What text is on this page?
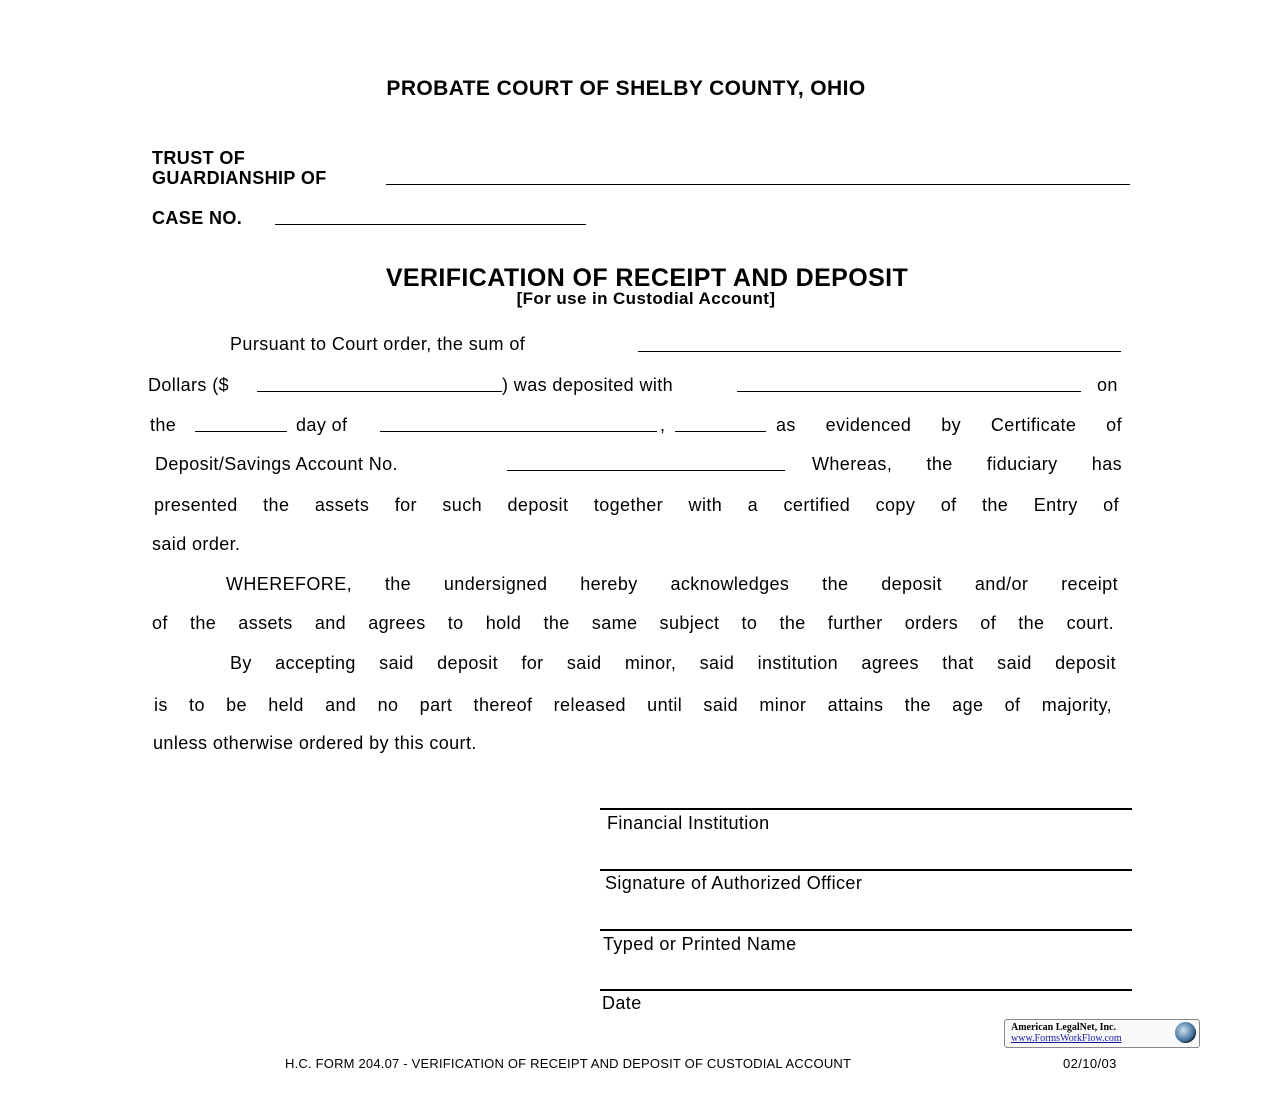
PROBATE COURT OF SHELBY COUNTY, OHIO
TRUST OF
GUARDIANSHIP OF
CASE NO.
VERIFICATION OF RECEIPT AND DEPOSIT
[For use in Custodial Account]
Pursuant to Court order, the sum of
Dollars ($	) was deposited with	on
the	day of	,	as evidenced by Certificate of
Deposit/Savings Account No.	Whereas, the fiduciary has
presented the assets for such deposit together with a certified copy of the Entry of
said order.
WHEREFORE, the undersigned hereby acknowledges the deposit and/or receipt
of the assets and agrees to hold the same subject to the further orders of the court.
By accepting said deposit for said minor, said institution agrees that said deposit
is to be held and no part thereof released until said minor attains the age of majority,
unless otherwise ordered by this court.
Financial Institution
Signature of Authorized Officer
Typed or Printed Name
Date
American LegalNet, Inc.
www.FormsWorkFlow.com
H.C. FORM 204.07 - VERIFICATION OF RECEIPT AND DEPOSIT OF CUSTODIAL ACCOUNT	02/10/03
